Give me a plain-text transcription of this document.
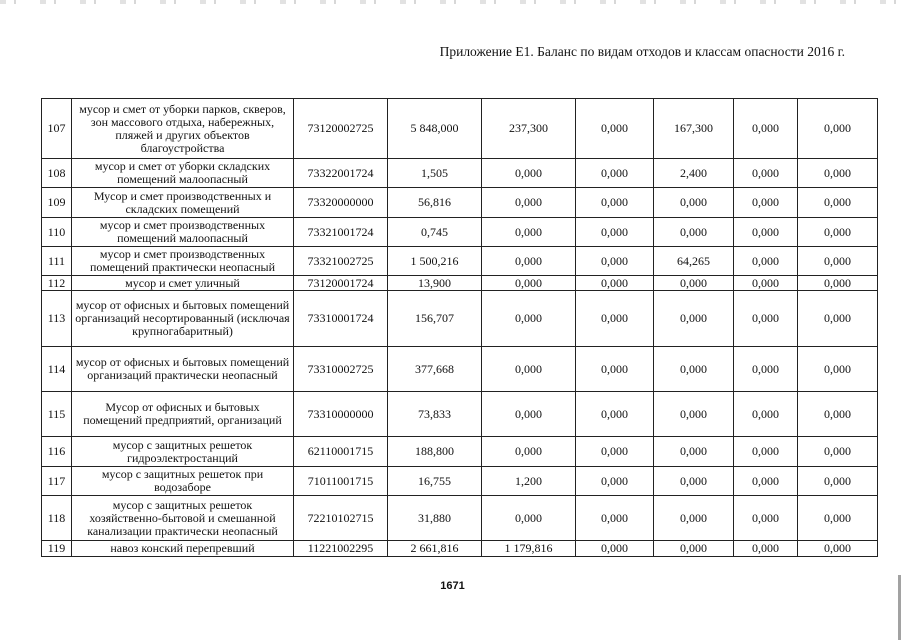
Приложение Е1. Баланс по видам отходов и классам опасности 2016 г.
107	мусор и смет от уборки парков, скверов, зон массового отдыха, набережных, пляжей и других объектов благоустройства	73120002725	5 848,000	237,300	0,000	167,300	0,000	0,000
108	мусор и смет от уборки складских помещений малоопасный	73322001724	1,505	0,000	0,000	2,400	0,000	0,000
109	Мусор и смет производственных и складских помещений	73320000000	56,816	0,000	0,000	0,000	0,000	0,000
110	мусор и смет производственных помещений малоопасный	73321001724	0,745	0,000	0,000	0,000	0,000	0,000
111	мусор и смет производственных помещений практически неопасный	73321002725	1 500,216	0,000	0,000	64,265	0,000	0,000
112	мусор и смет уличный	73120001724	13,900	0,000	0,000	0,000	0,000	0,000
113	мусор от офисных и бытовых помещений организаций несортированный (исключая крупногабаритный)	73310001724	156,707	0,000	0,000	0,000	0,000	0,000
114	мусор от офисных и бытовых помещений организаций практически неопасный	73310002725	377,668	0,000	0,000	0,000	0,000	0,000
115	Мусор от офисных и бытовых помещений предприятий, организаций	73310000000	73,833	0,000	0,000	0,000	0,000	0,000
116	мусор с защитных решеток гидроэлектростанций	62110001715	188,800	0,000	0,000	0,000	0,000	0,000
117	мусор с защитных решеток при водозаборе	71011001715	16,755	1,200	0,000	0,000	0,000	0,000
118	мусор с защитных решеток хозяйственно-бытовой и смешанной канализации практически неопасный	72210102715	31,880	0,000	0,000	0,000	0,000	0,000
119	навоз конский перепревший	11221002295	2 661,816	1 179,816	0,000	0,000	0,000	0,000
1671
